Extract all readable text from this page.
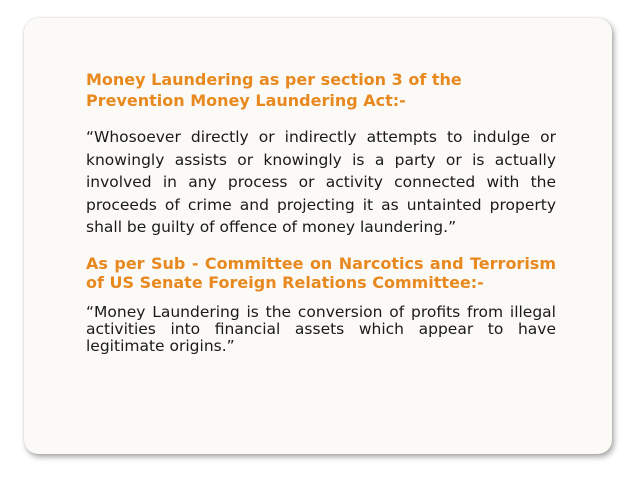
Money Laundering as per section 3 of the Prevention Money Laundering Act:-

“Whosoever directly or indirectly attempts to indulge or knowingly assists or knowingly is a party or is actually involved in any process or activity connected with the proceeds of crime and projecting it as untainted property shall be guilty of offence of money laundering.”

As per Sub - Committee on Narcotics and Terrorism of US Senate Foreign Relations Committee:-

“Money Laundering is the conversion of profits from illegal activities into financial assets which appear to have legitimate origins.”
